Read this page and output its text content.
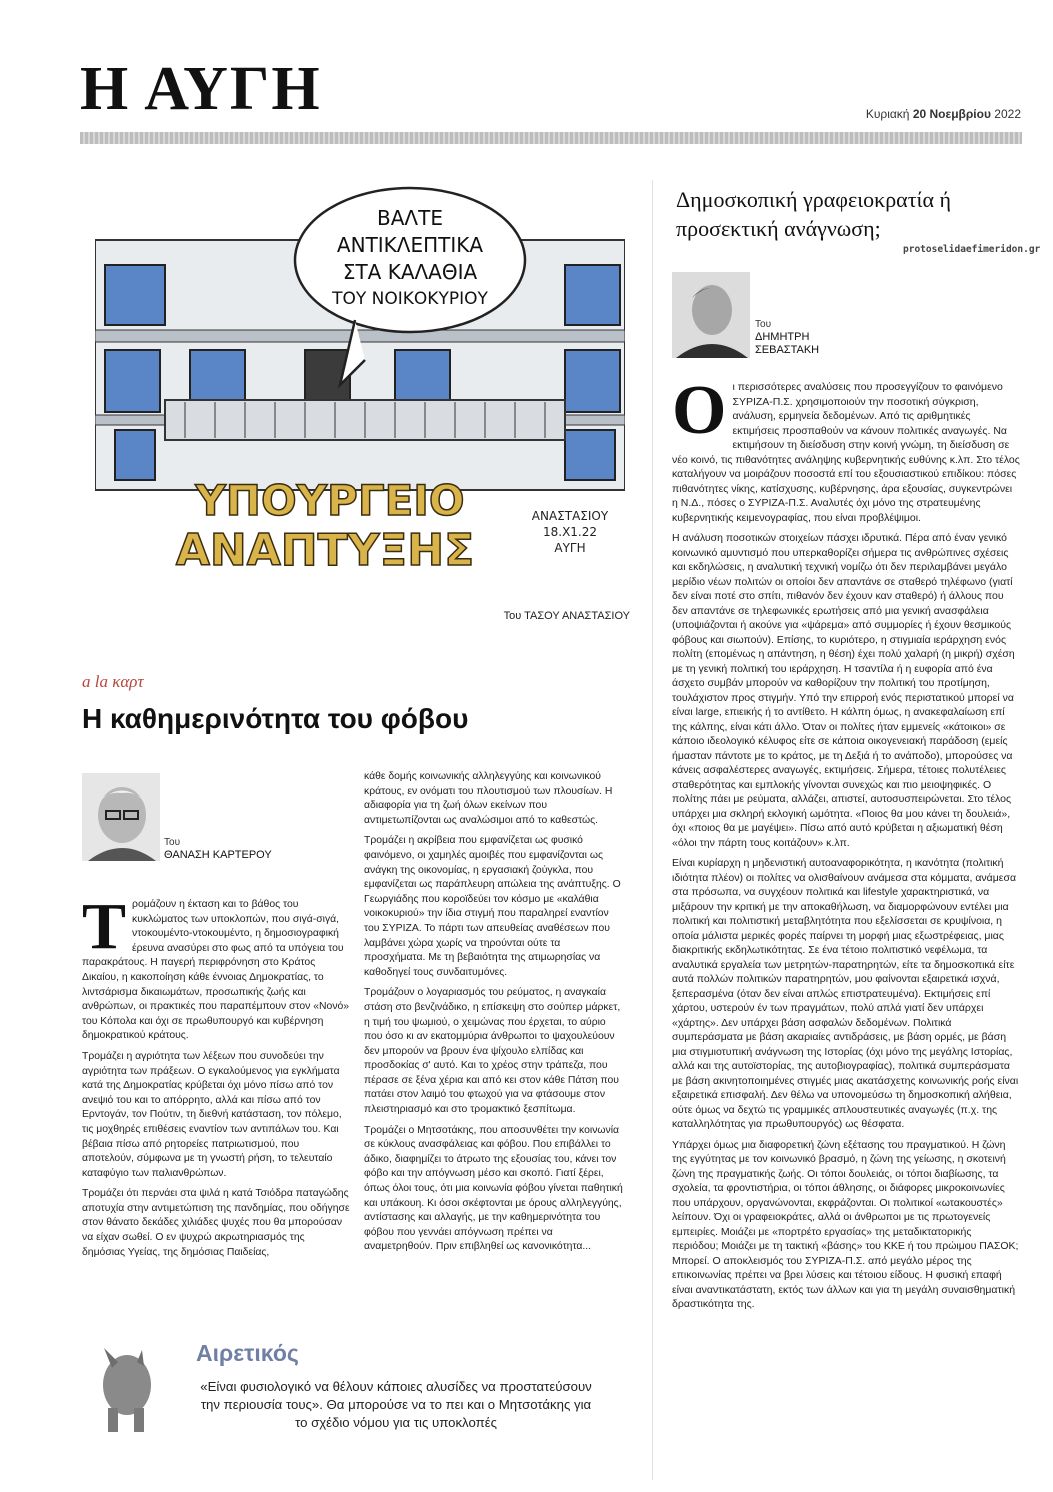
Η ΑΥΓΗ	Κυριακή 20 Νοεμβρίου 2022
ΒΑΛΤΕ
ΑΝΤΙΚΛΕΠΤΙΚΑ
ΣΤΑ ΚΑΛΑΘΙΑ
ΤΟΥ ΝΟΙΚΟΚΥΡΙΟΥ
ΥΠΟΥΡΓΕΙΟ
ΑΝΑΠΤΥΞΗΣ
ΑΝΑΣΤΑΣΙΟΥ
18.X1.22
ΑΥΓΗ
Του ΤΑΣΟΥ ΑΝΑΣΤΑΣΙΟΥ
a la καρτ
Η καθημερινότητα του φόβου
Του
ΘΑΝΑΣΗ ΚΑΡΤΕΡΟΥ

Τρομάζουν η έκταση και το βάθος του κυκλώματος των υποκλοπών, που σιγά-σιγά, ντοκουμέντο-ντοκουμέντο, η δημοσιογραφική έρευνα ανασύρει στο φως από τα υπόγεια του παρακράτους. Η παγερή περιφρόνηση στο Κράτος Δικαίου, η κακοποίηση κάθε έννοιας Δημοκρατίας, το λιντσάρισμα δικαιωμάτων, προσωπικής ζωής και ανθρώπων, οι πρακτικές που παραπέμπουν στον «Νονό» του Κόπολα και όχι σε πρωθυπουργό και κυβέρνηση δημοκρατικού κράτους.

Τρομάζει η αγριότητα των λέξεων που συνοδεύει την αγριότητα των πράξεων. Ο εγκαλούμενος για εγκλήματα κατά της Δημοκρατίας κρύβεται όχι μόνο πίσω από τον ανεψιό του και το απόρρητο, αλλά και πίσω από τον Ερντογάν, τον Πούτιν, τη διεθνή κατάσταση, τον πόλεμο, τις μοχθηρές επιθέσεις εναντίον των αντιπάλων του. Και βέβαια πίσω από ρητορείες πατριωτισμού, που αποτελούν, σύμφωνα με τη γνωστή ρήση, το τελευταίο καταφύγιο των παλιανθρώπων.

Τρομάζει ότι περνάει στα ψιλά η κατά Τσιόδρα παταγώδης αποτυχία στην αντιμετώπιση της πανδημίας, που οδήγησε στον θάνατο δεκάδες χιλιάδες ψυχές που θα μπορούσαν να είχαν σωθεί. Ο εν ψυχρώ ακρωτηριασμός της δημόσιας Υγείας, της δημόσιας Παιδείας,

κάθε δομής κοινωνικής αλληλεγγύης και κοινωνικού κράτους, εν ονόματι του πλουτισμού των πλουσίων. Η αδιαφορία για τη ζωή όλων εκείνων που αντιμετωπίζονται ως αναλώσιμοι από το καθεστώς.

Τρομάζει η ακρίβεια που εμφανίζεται ως φυσικό φαινόμενο, οι χαμηλές αμοιβές που εμφανίζονται ως ανάγκη της οικονομίας, η εργασιακή ζούγκλα, που εμφανίζεται ως παράπλευρη απώλεια της ανάπτυξης. Ο Γεωργιάδης που κοροϊδεύει τον κόσμο με «καλάθια νοικοκυριού» την ίδια στιγμή που παραληρεί εναντίον του ΣΥΡΙΖΑ. Το πάρτι των απευθείας αναθέσεων που λαμβάνει χώρα χωρίς να τηρούνται ούτε τα προσχήματα. Με τη βεβαιότητα της ατιμωρησίας να καθοδηγεί τους συνδαιτυμόνες.

Τρομάζουν ο λογαριασμός του ρεύματος, η αναγκαία στάση στο βενζινάδικο, η επίσκεψη στο σούπερ μάρκετ, η τιμή του ψωμιού, ο χειμώνας που έρχεται, το αύριο που όσο κι αν εκατομμύρια άνθρωποι το ψαχουλεύουν δεν μπορούν να βρουν ένα ψίχουλο ελπίδας και προσδοκίας σ' αυτό. Και το χρέος στην τράπεζα, που πέρασε σε ξένα χέρια και από κει στον κάθε Πάτση που πατάει στον λαιμό του φτωχού για να φτάσουμε στον πλειστηριασμό και στο τρομακτικό ξεσπίτωμα.

Τρομάζει ο Μητσοτάκης, που αποσυνθέτει την κοινωνία σε κύκλους ανασφάλειας και φόβου. Που επιβάλλει το άδικο, διαφημίζει το άτρωτο της εξουσίας του, κάνει τον φόβο και την απόγνωση μέσο και σκοπό. Γιατί ξέρει, όπως όλοι τους, ότι μια κοινωνία φόβου γίνεται παθητική και υπάκουη. Κι όσοι σκέφτονται με όρους αλληλεγγύης, αντίστασης και αλλαγής, με την καθημερινότητα του φόβου που γεννάει απόγνωση πρέπει να αναμετρηθούν. Πριν επιβληθεί ως κανονικότητα...

Δημοσκοπική γραφειοκρατία ή προσεκτική ανάγνωση;
protoselidaefimeridon.gr
Του
ΔΗΜΗΤΡΗ
ΣΕΒΑΣΤΑΚΗ

Οι περισσότερες αναλύσεις που προσεγγίζουν το φαινόμενο ΣΥΡΙΖΑ-Π.Σ. χρησιμοποιούν την ποσοτική σύγκριση, ανάλυση, ερμηνεία δεδομένων. Από τις αριθμητικές εκτιμήσεις προσπαθούν να κάνουν πολιτικές αναγωγές. Να εκτιμήσουν τη διείσδυση στην κοινή γνώμη, τη διείσδυση σε νέο κοινό, τις πιθανότητες ανάληψης κυβερνητικής ευθύνης κ.λπ. Στο τέλος καταλήγουν να μοιράζουν ποσοστά επί του εξουσιαστικού επιδίκου: πόσες πιθανότητες νίκης, κατίσχυσης, κυβέρνησης, άρα εξουσίας, συγκεντρώνει η Ν.Δ., πόσες ο ΣΥΡΙΖΑ-Π.Σ. Αναλυτές όχι μόνο της στρατευμένης κυβερνητικής κειμενογραφίας, που είναι προβλέψιμοι.

Η ανάλυση ποσοτικών στοιχείων πάσχει ιδρυτικά. Πέρα από έναν γενικό κοινωνικό αμυντισμό που υπερκαθορίζει σήμερα τις ανθρώπινες σχέσεις και εκδηλώσεις, η αναλυτική τεχνική νομίζω ότι δεν περιλαμβάνει μεγάλο μερίδιο νέων πολιτών οι οποίοι δεν απαντάνε σε σταθερό τηλέφωνο (γιατί δεν είναι ποτέ στο σπίτι, πιθανόν δεν έχουν καν σταθερό) ή άλλους που δεν απαντάνε σε τηλεφωνικές ερωτήσεις από μια γενική ανασφάλεια (υποψιάζονται ή ακούνε για «ψάρεμα» από συμμορίες ή έχουν θεσμικούς φόβους και σιωπούν). Επίσης, το κυριότερο, η στιγμιαία ιεράρχηση ενός πολίτη (επομένως η απάντηση, η θέση) έχει πολύ χαλαρή (η μικρή) σχέση με τη γενική πολιτική του ιεράρχηση. Η τσαντίλα ή η ευφορία από ένα άσχετο συμβάν μπορούν να καθορίζουν την πολιτική του προτίμηση, τουλάχιστον προς στιγμήν. Υπό την επιρροή ενός περιστατικού μπορεί να είναι large, επιεικής ή το αντίθετο. Η κάλπη όμως, η ανακεφαλαίωση επί της κάλπης, είναι κάτι άλλο. Όταν οι πολίτες ήταν εμμενείς «κάτοικοι» σε κάποιο ιδεολογικό κέλυφος είτε σε κάποια οικογενειακή παράδοση (εμείς ήμασταν πάντοτε με το κράτος, με τη Δεξιά ή το ανάποδο), μπορούσες να κάνεις ασφαλέστερες αναγωγές, εκτιμήσεις. Σήμερα, τέτοιες πολυτέλειες σταθερότητας και εμπλοκής γίνονται συνεχώς και πιο μειοψηφικές. Ο πολίτης πάει με ρεύματα, αλλάζει, απιστεί, αυτοσυσπειρώνεται. Στο τέλος υπάρχει μια σκληρή εκλογική ωμότητα. «Ποιος θα μου κάνει τη δουλειά», όχι «ποιος θα με μαγέψει». Πίσω από αυτό κρύβεται η αξιωματική θέση «όλοι την πάρτη τους κοιτάζουν» κ.λπ.

Είναι κυρίαρχη η μηδενιστική αυτοαναφορικότητα, η ικανότητα (πολιτική ιδιότητα πλέον) οι πολίτες να ολισθαίνουν ανάμεσα στα κόμματα, ανάμεσα στα πρόσωπα, να συγχέουν πολιτικά και lifestyle χαρακτηριστικά, να μιξάρουν την κριτική με την αποκαθήλωση, να διαμορφώνουν εντέλει μια πολιτική και πολιτιστική μεταβλητότητα που εξελίσσεται σε κρυψίνοια, η οποία μάλιστα μερικές φορές παίρνει τη μορφή μιας εξωστρέφειας, μιας διακριτικής εκδηλωτικότητας. Σε ένα τέτοιο πολιτιστικό νεφέλωμα, τα αναλυτικά εργαλεία των μετρητών-παρατηρητών, είτε τα δημοσκοπικά είτε αυτά πολλών πολιτικών παρατηρητών, μου φαίνονται εξαιρετικά ισχνά, ξεπερασμένα (όταν δεν είναι απλώς επιστρατευμένα). Εκτιμήσεις επί χάρτου, υστερούν έν των πραγμάτων, πολύ απλά γιατί δεν υπάρχει «χάρτης». Δεν υπάρχει βάση ασφαλών δεδομένων. Πολιτικά συμπεράσματα με βάση ακαριαίες αντιδράσεις, με βάση ορμές, με βάση μια στιγμιοτυπική ανάγνωση της Ιστορίας (όχι μόνο της μεγάλης Ιστορίας, αλλά και της αυτοϊστορίας, της αυτοβιογραφίας), πολιτικά συμπεράσματα με βάση ακινητοποιημένες στιγμές μιας ακατάσχετης κοινωνικής ροής είναι εξαιρετικά επισφαλή. Δεν θέλω να υπονομεύσω τη δημοσκοπική αλήθεια, ούτε όμως να δεχτώ τις γραμμικές απλουστευτικές αναγωγές (π.χ. της καταλληλότητας για πρωθυπουργός) ως θέσφατα.

Υπάρχει όμως μια διαφορετική ζώνη εξέτασης του πραγματικού. Η ζώνη της εγγύτητας με τον κοινωνικό βρασμό, η ζώνη της γείωσης, η σκοτεινή ζώνη της πραγματικής ζωής. Οι τόποι δουλειάς, οι τόποι διαβίωσης, τα σχολεία, τα φροντιστήρια, οι τόποι άθλησης, οι διάφορες μικροκοινωνίες που υπάρχουν, οργανώνονται, εκφράζονται. Οι πολιτικοί «ωτακουστές» λείπουν. Όχι οι γραφειοκράτες, αλλά οι άνθρωποι με τις πρωτογενείς εμπειρίες. Μοιάζει με «πορτρέτο εργασίας» της μεταδικτατορικής περιόδου; Μοιάζει με τη τακτική «βάσης» του ΚΚΕ ή του πρώιμου ΠΑΣΟΚ; Μπορεί. Ο αποκλεισμός του ΣΥΡΙΖΑ-Π.Σ. από μεγάλο μέρος της επικοινωνίας πρέπει να βρει λύσεις και τέτοιου είδους. Η φυσική επαφή είναι αναντικατάστατη, εκτός των άλλων και για τη μεγάλη συναισθηματική δραστικότητα της.

Αιρετικός
«Είναι φυσιολογικό να θέλουν κάποιες αλυσίδες να προστατεύσουν την περιουσία τους». Θα μπορούσε να το πει και ο Μητσοτάκης για το σχέδιο νόμου για τις υποκλοπές
